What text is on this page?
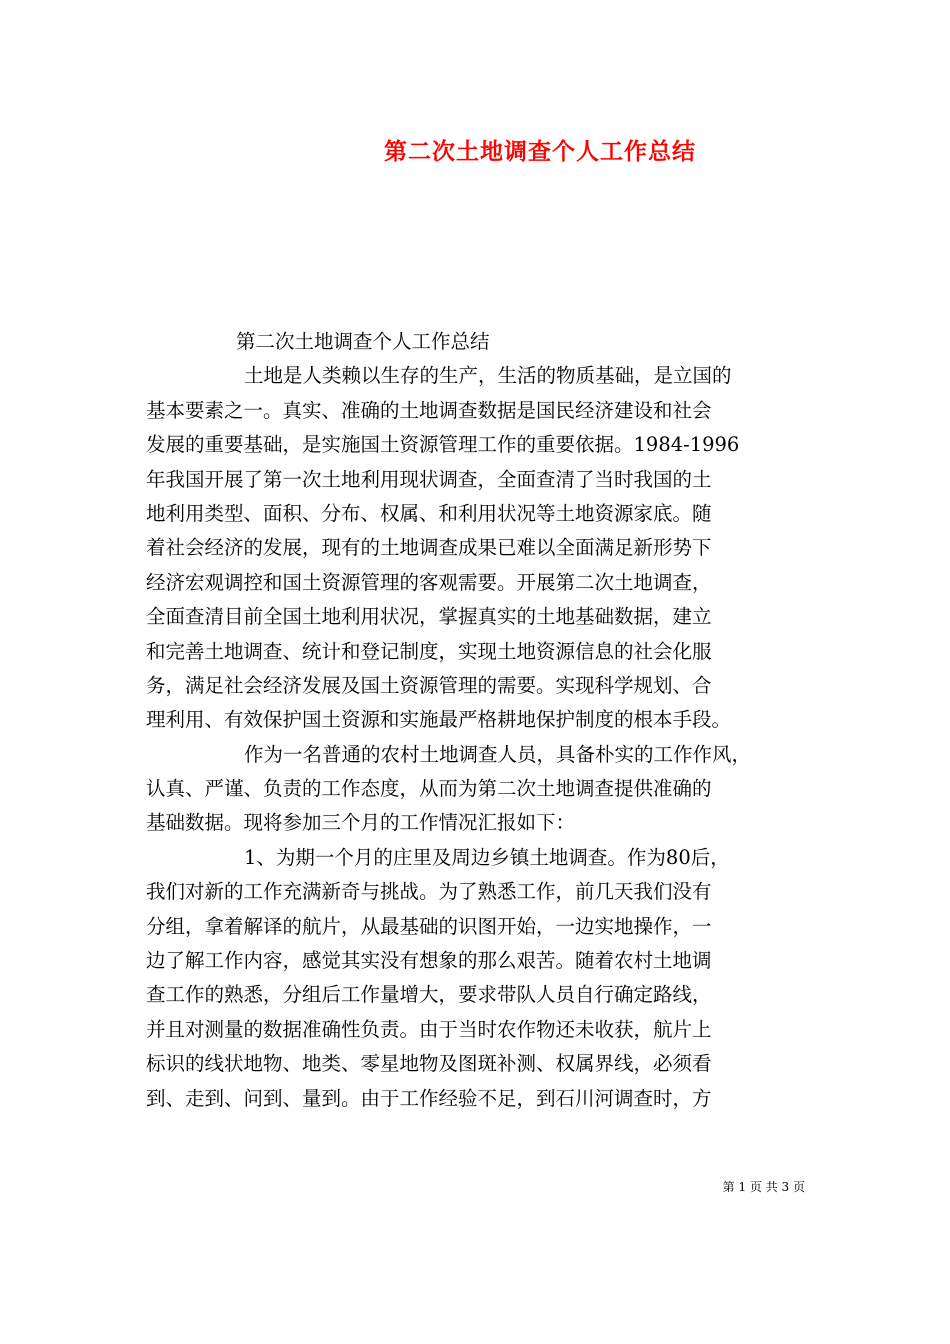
第二次土地调查个人工作总结
第二次土地调查个人工作总结
土地是人类赖以生存的生产，生活的物质基础，是立国的
基本要素之一。真实、准确的土地调查数据是国民经济建设和社会
发展的重要基础，是实施国土资源管理工作的重要依据。1984-1996
年我国开展了第一次土地利用现状调查，全面查清了当时我国的土
地利用类型、面积、分布、权属、和利用状况等土地资源家底。随
着社会经济的发展，现有的土地调查成果已难以全面满足新形势下
经济宏观调控和国土资源管理的客观需要。开展第二次土地调查，
全面查清目前全国土地利用状况，掌握真实的土地基础数据，建立
和完善土地调查、统计和登记制度，实现土地资源信息的社会化服
务，满足社会经济发展及国土资源管理的需要。实现科学规划、合
理利用、有效保护国土资源和实施最严格耕地保护制度的根本手段。
作为一名普通的农村土地调查人员，具备朴实的工作作风，
认真、严谨、负责的工作态度，从而为第二次土地调查提供准确的
基础数据。现将参加三个月的工作情况汇报如下：
1、为期一个月的庄里及周边乡镇土地调查。作为80后，
我们对新的工作充满新奇与挑战。为了熟悉工作，前几天我们没有
分组，拿着解译的航片，从最基础的识图开始，一边实地操作，一
边了解工作内容，感觉其实没有想象的那么艰苦。随着农村土地调
查工作的熟悉，分组后工作量增大，要求带队人员自行确定路线，
并且对测量的数据准确性负责。由于当时农作物还未收获，航片上
标识的线状地物、地类、零星地物及图斑补测、权属界线，必须看
到、走到、问到、量到。由于工作经验不足，到石川河调查时，方
第 1 页 共 3 页
